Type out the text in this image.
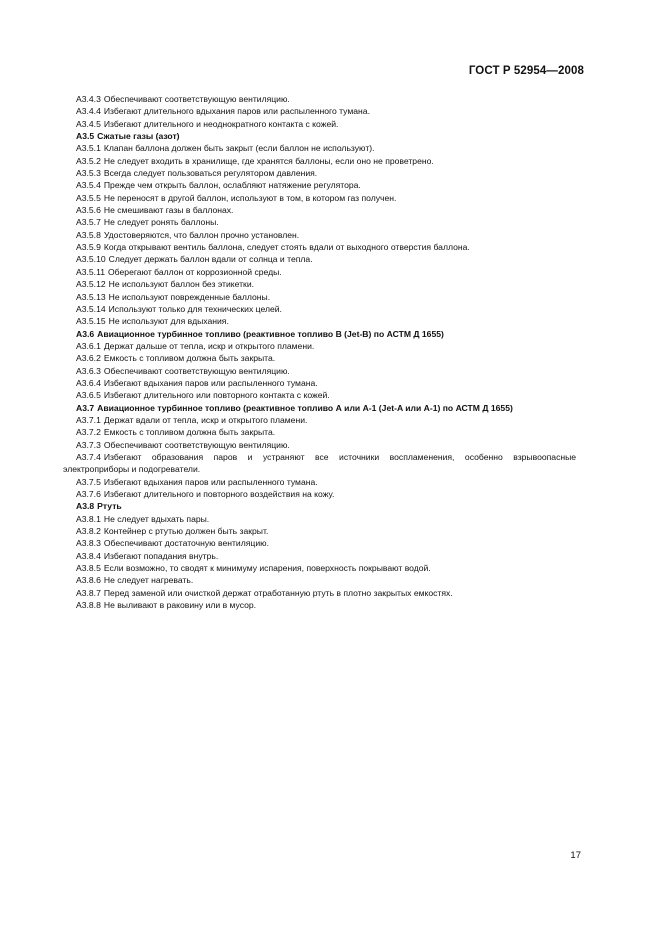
ГОСТ Р 52954—2008
А3.4.3 Обеспечивают соответствующую вентиляцию.
А3.4.4 Избегают длительного вдыхания паров или распыленного тумана.
А3.4.5 Избегают длительного и неоднократного контакта с кожей.
А3.5 Сжатые газы (азот)
А3.5.1 Клапан баллона должен быть закрыт (если баллон не используют).
А3.5.2 Не следует входить в хранилище, где хранятся баллоны, если оно не проветрено.
А3.5.3 Всегда следует пользоваться регулятором давления.
А3.5.4 Прежде чем открыть баллон, ослабляют натяжение регулятора.
А3.5.5 Не переносят в другой баллон, используют в том, в котором газ получен.
А3.5.6 Не смешивают газы в баллонах.
А3.5.7 Не следует ронять баллоны.
А3.5.8 Удостоверяются, что баллон прочно установлен.
А3.5.9 Когда открывают вентиль баллона, следует стоять вдали от выходного отверстия баллона.
А3.5.10 Следует держать баллон вдали от солнца и тепла.
А3.5.11 Оберегают баллон от коррозионной среды.
А3.5.12 Не используют баллон без этикетки.
А3.5.13 Не используют поврежденные баллоны.
А3.5.14 Используют только для технических целей.
А3.5.15 Не используют для вдыхания.
А3.6 Авиационное турбинное топливо (реактивное топливо В (Jet-B) по АСТМ Д 1655)
А3.6.1 Держат дальше от тепла, искр и открытого пламени.
А3.6.2 Емкость с топливом должна быть закрыта.
А3.6.3 Обеспечивают соответствующую вентиляцию.
А3.6.4 Избегают вдыхания паров или распыленного тумана.
А3.6.5 Избегают длительного или повторного контакта с кожей.
А3.7 Авиационное турбинное топливо (реактивное топливо А или А-1 (Jet-A или А-1) по АСТМ Д 1655)
А3.7.1 Держат вдали от тепла, искр и открытого пламени.
А3.7.2 Емкость с топливом должна быть закрыта.
А3.7.3 Обеспечивают соответствующую вентиляцию.
А3.7.4 Избегают образования паров и устраняют все источники воспламенения, особенно взрывоопасные
электроприборы и подогреватели.
А3.7.5 Избегают вдыхания паров или распыленного тумана.
А3.7.6 Избегают длительного и повторного воздействия на кожу.
А3.8 Ртуть
А3.8.1 Не следует вдыхать пары.
А3.8.2 Контейнер с ртутью должен быть закрыт.
А3.8.3 Обеспечивают достаточную вентиляцию.
А3.8.4 Избегают попадания внутрь.
А3.8.5 Если возможно, то сводят к минимуму испарения, поверхность покрывают водой.
А3.8.6 Не следует нагревать.
А3.8.7 Перед заменой или очисткой держат отработанную ртуть в плотно закрытых емкостях.
А3.8.8 Не выливают в раковину или в мусор.
17
